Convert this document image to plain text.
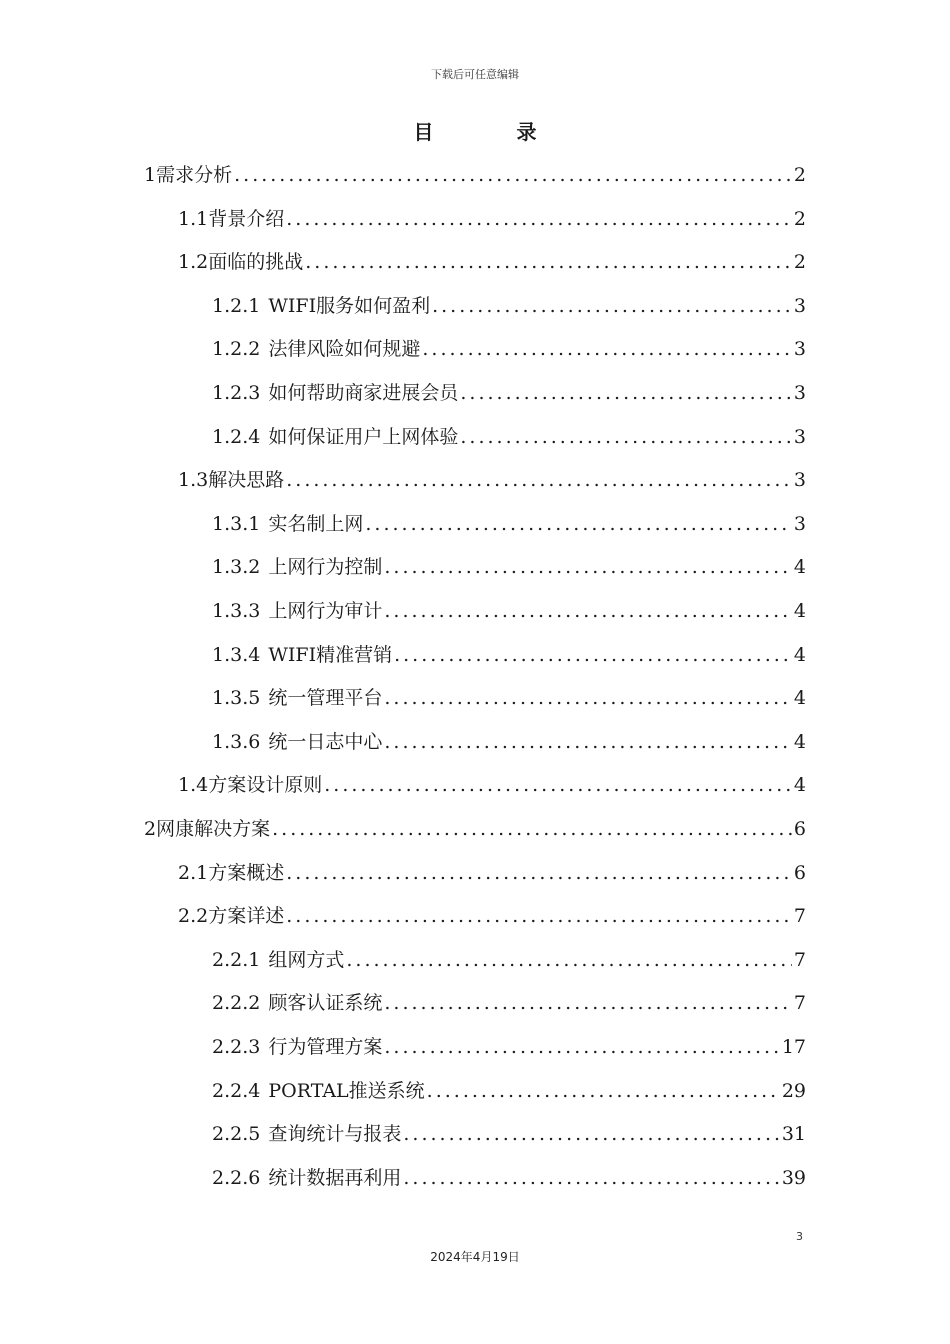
下载后可任意编辑
目 录
1 需求分析 .....	2
1.1 背景介绍 .....	2
1.2 面临的挑战 .....	2
1.2.1 WIFI服务如何盈利 .....	3
1.2.2 法律风险如何规避 .....	3
1.2.3 如何帮助商家进展会员 .....	3
1.2.4 如何保证用户上网体验 .....	3
1.3 解决思路 .....	3
1.3.1 实名制上网 .....	3
1.3.2 上网行为控制 .....	4
1.3.3 上网行为审计 .....	4
1.3.4 WIFI精准营销 .....	4
1.3.5 统一管理平台 .....	4
1.3.6 统一日志中心 .....	4
1.4 方案设计原则 .....	4
2 网康解决方案 .....	6
2.1 方案概述 .....	6
2.2 方案详述 .....	7
2.2.1 组网方式 .....	7
2.2.2 顾客认证系统 .....	7
2.2.3 行为管理方案 .....	17
2.2.4 PORTAL推送系统 .....	29
2.2.5 查询统计与报表 .....	31
2.2.6 统计数据再利用 .....	39
3
2024年4月19日
